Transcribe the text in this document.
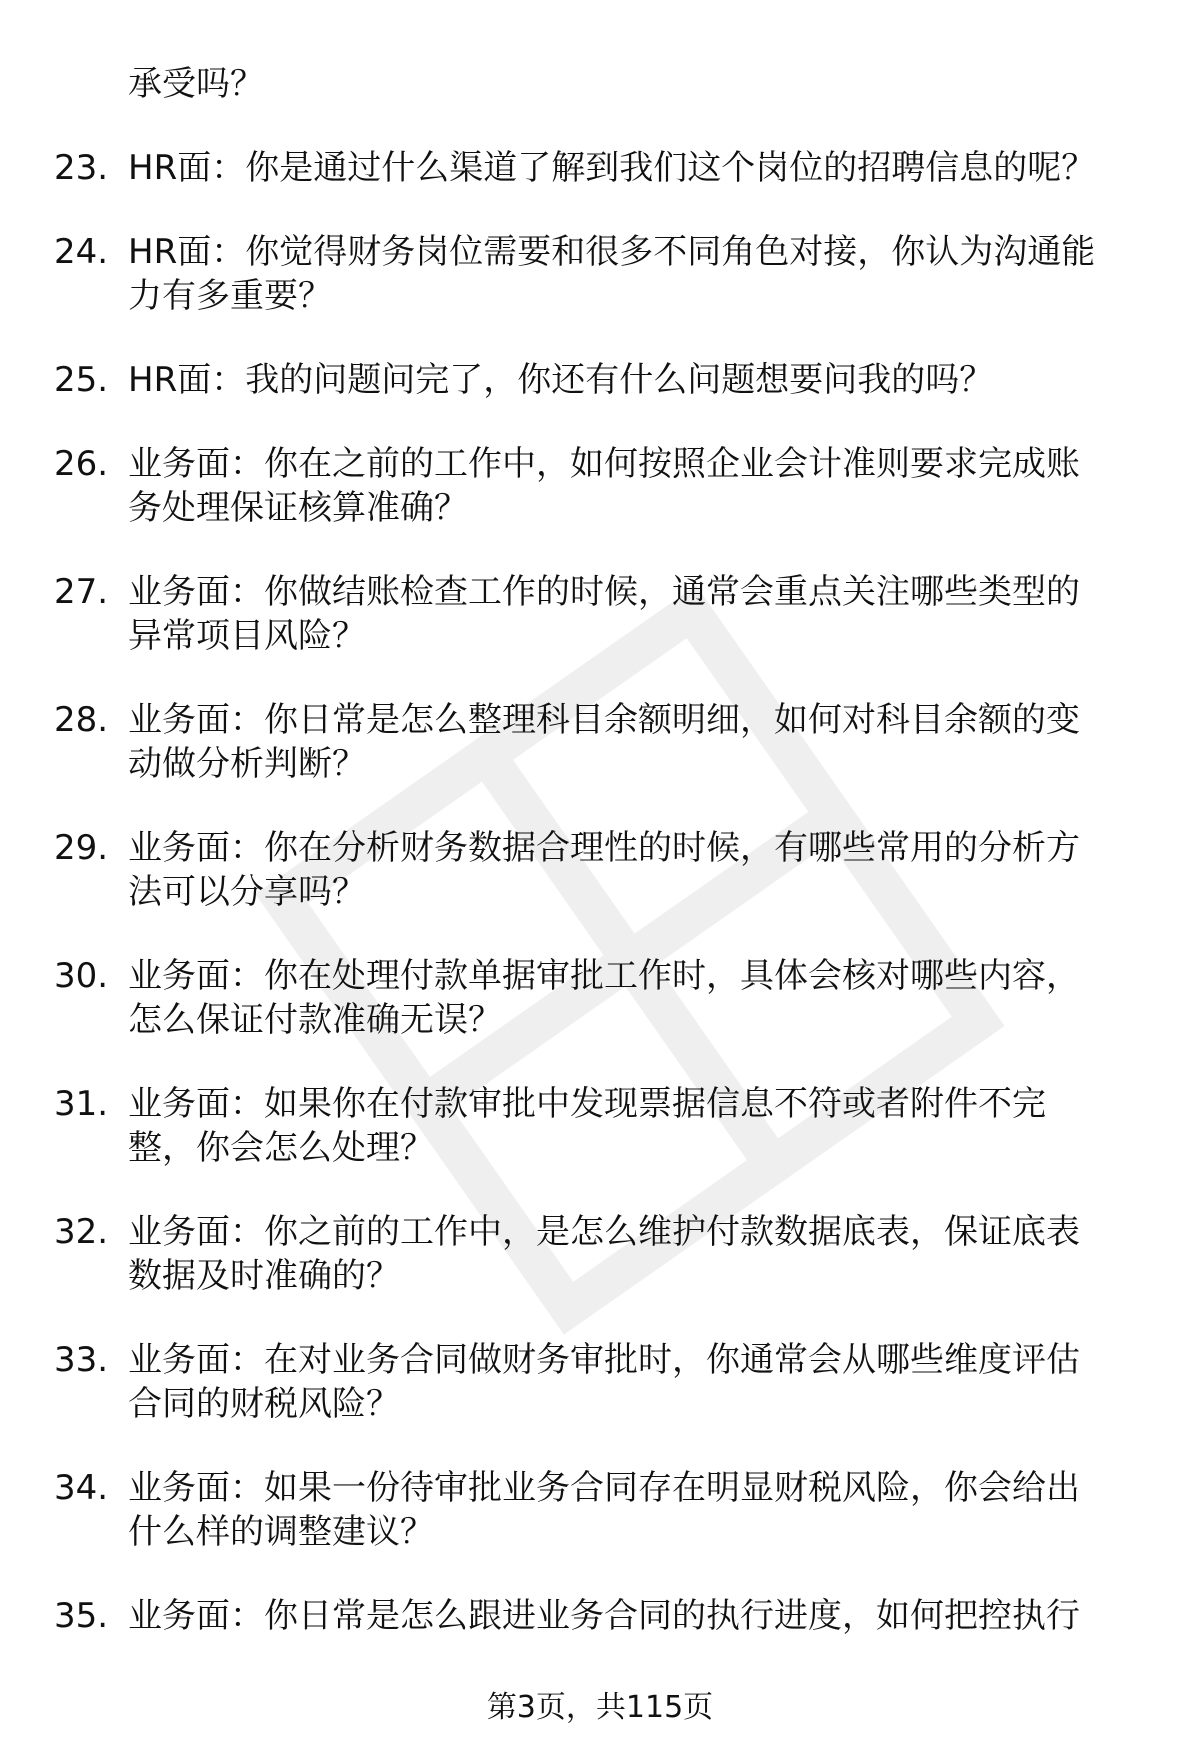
承受吗？
23. HR面：你是通过什么渠道了解到我们这个岗位的招聘信息的呢？
24. HR面：你觉得财务岗位需要和很多不同角色对接，你认为沟通能
力有多重要？
25. HR面：我的问题问完了，你还有什么问题想要问我的吗？
26. 业务面：你在之前的工作中，如何按照企业会计准则要求完成账
务处理保证核算准确？
27. 业务面：你做结账检查工作的时候，通常会重点关注哪些类型的
异常项目风险？
28. 业务面：你日常是怎么整理科目余额明细，如何对科目余额的变
动做分析判断？
29. 业务面：你在分析财务数据合理性的时候，有哪些常用的分析方
法可以分享吗？
30. 业务面：你在处理付款单据审批工作时，具体会核对哪些内容，
怎么保证付款准确无误？
31. 业务面：如果你在付款审批中发现票据信息不符或者附件不完
整，你会怎么处理？
32. 业务面：你之前的工作中，是怎么维护付款数据底表，保证底表
数据及时准确的？
33. 业务面：在对业务合同做财务审批时，你通常会从哪些维度评估
合同的财税风险？
34. 业务面：如果一份待审批业务合同存在明显财税风险，你会给出
什么样的调整建议？
35. 业务面：你日常是怎么跟进业务合同的执行进度，如何把控执行
第3页，共115页
